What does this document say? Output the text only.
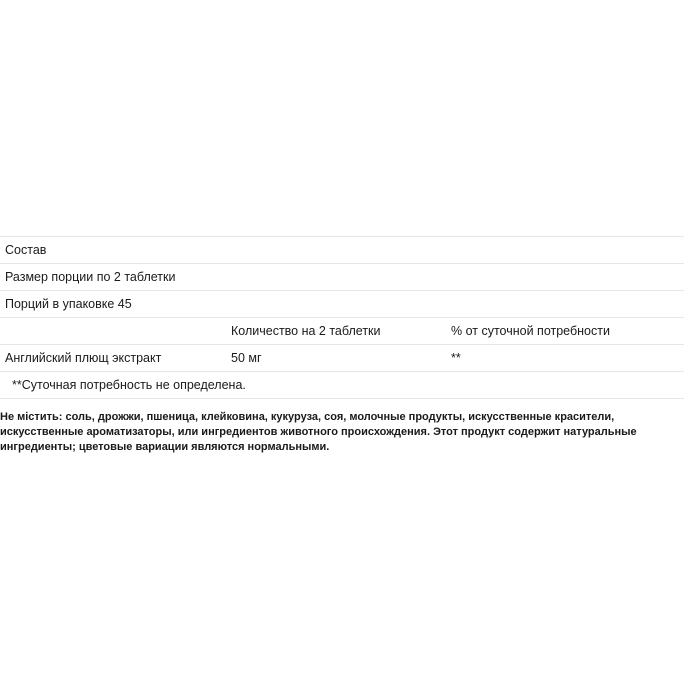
Состав		
Размер порции по 2 таблетки		
Порций в упаковке 45		
	Количество на 2 таблетки	% от суточной потребности
Английский плющ экстракт	50 мг	**
**Суточная потребность не определена.		

Не містить: соль, дрожжи, пшеница, клейковина, кукуруза, соя, молочные продукты, искусственные красители, искусственные ароматизаторы, или ингредиентов животного происхождения. Этот продукт содержит натуральные ингредиенты; цветовые вариации являются нормальными.
